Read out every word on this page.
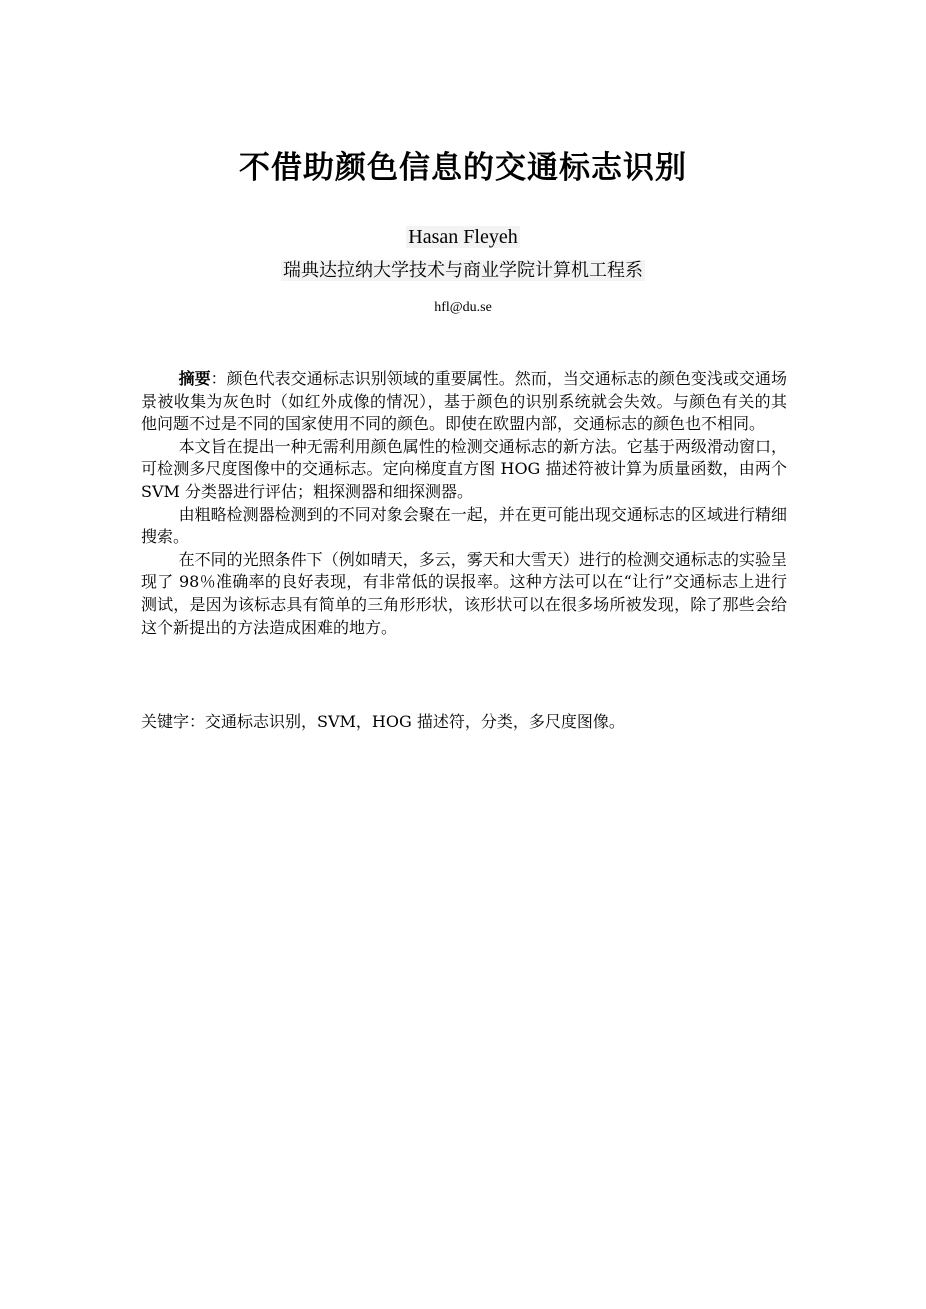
不借助颜色信息的交通标志识别
Hasan Fleyeh
瑞典达拉纳大学技术与商业学院计算机工程系
hfl@du.se

摘要：颜色代表交通标志识别领域的重要属性。然而，当交通标志的颜色变浅或交通场景被收集为灰色时（如红外成像的情况），基于颜色的识别系统就会失效。与颜色有关的其他问题不过是不同的国家使用不同的颜色。即使在欧盟内部，交通标志的颜色也不相同。

本文旨在提出一种无需利用颜色属性的检测交通标志的新方法。它基于两级滑动窗口，可检测多尺度图像中的交通标志。定向梯度直方图 HOG 描述符被计算为质量函数，由两个 SVM 分类器进行评估；粗探测器和细探测器。

由粗略检测器检测到的不同对象会聚在一起，并在更可能出现交通标志的区域进行精细搜索。

在不同的光照条件下（例如晴天，多云，雾天和大雪天）进行的检测交通标志的实验呈现了 98％准确率的良好表现，有非常低的误报率。这种方法可以在“让行”交通标志上进行测试，是因为该标志具有简单的三角形形状，该形状可以在很多场所被发现，除了那些会给这个新提出的方法造成困难的地方。

关键字：交通标志识别，SVM，HOG 描述符，分类，多尺度图像。
